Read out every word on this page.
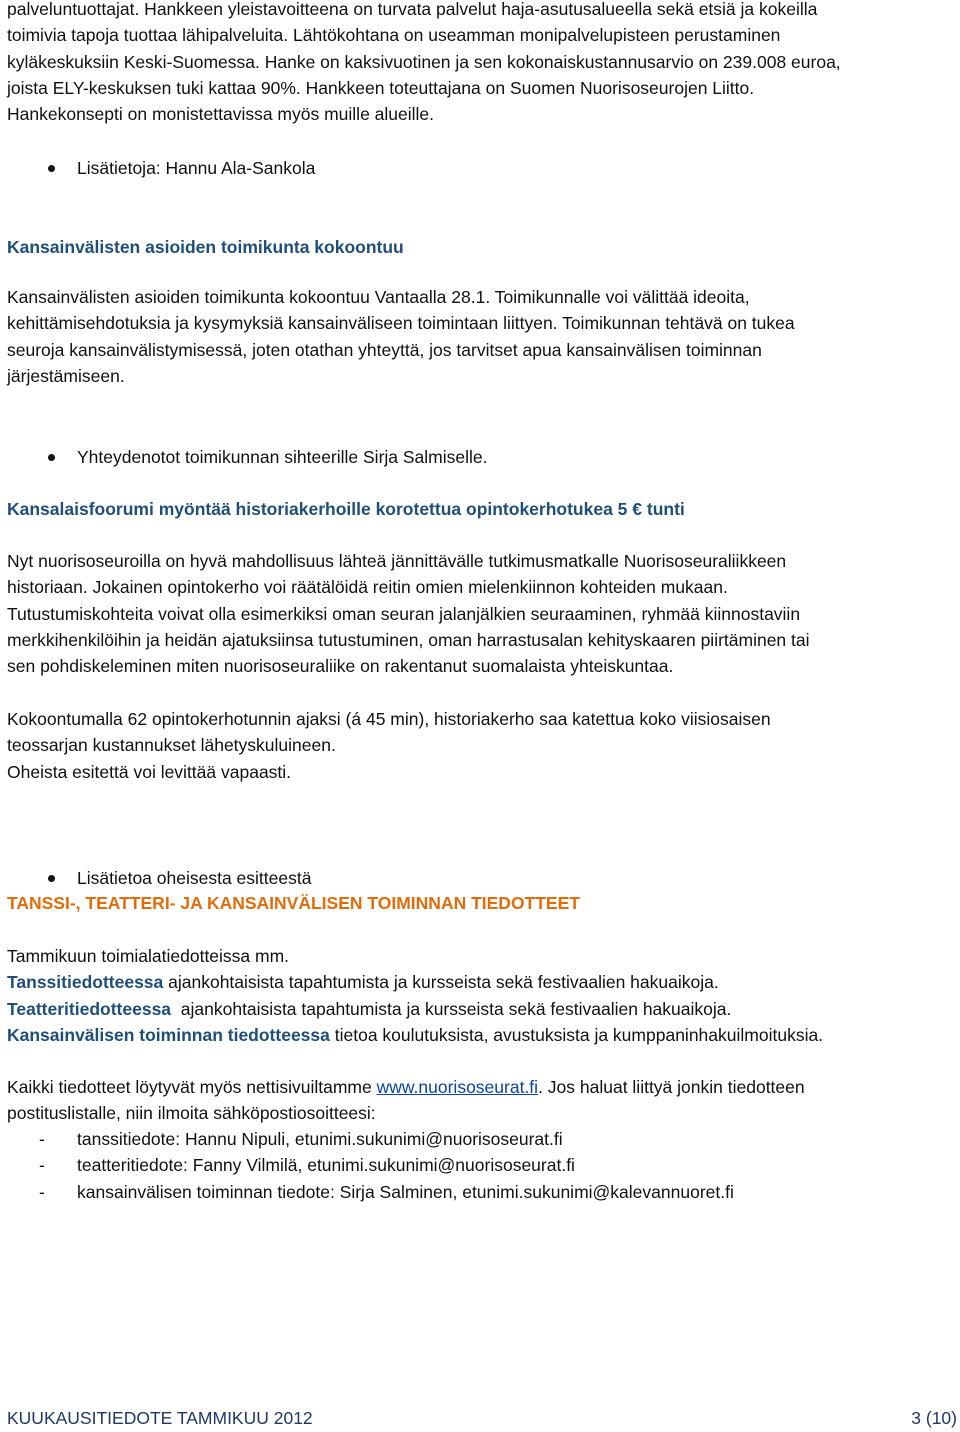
palveluntuottajat. Hankkeen yleistavoitteena on turvata palvelut haja-asutusalueella sekä etsiä ja kokeilla

toimivia tapoja tuottaa lähipalveluita. Lähtökohtana on useamman monipalvelupisteen perustaminen

kyläkeskuksiin Keski-Suomessa. Hanke on kaksivuotinen ja sen kokonaiskustannusarvio on 239.008 euroa,

joista ELY-keskuksen tuki kattaa 90%. Hankkeen toteuttajana on Suomen Nuorisoseurojen Liitto.

Hankekonsepti on monistettavissa myös muille alueille.

Lisätietoja: Hannu Ala-Sankola
Kansainvälisten asioiden toimikunta kokoontuu

Kansainvälisten asioiden toimikunta kokoontuu Vantaalla 28.1. Toimikunnalle voi välittää ideoita,

kehittämisehdotuksia ja kysymyksiä kansainväliseen toimintaan liittyen. Toimikunnan tehtävä on tukea

seuroja kansainvälistymisessä, joten otathan yhteyttä, jos tarvitset apua kansainvälisen toiminnan

järjestämiseen.

Yhteydenotot toimikunnan sihteerille Sirja Salmiselle.
Kansalaisfoorumi myöntää historiakerhoille korotettua opintokerhotukea 5 € tunti

Nyt nuorisoseuroilla on hyvä mahdollisuus lähteä jännittävälle tutkimusmatkalle Nuorisoseuraliikkeen

historiaan. Jokainen opintokerho voi räätälöidä reitin omien mielenkiinnon kohteiden mukaan.

Tutustumiskohteita voivat olla esimerkiksi oman seuran jalanjälkien seuraaminen, ryhmää kiinnostaviin

merkkihenkilöihin ja heidän ajatuksiinsa tutustuminen, oman harrastusalan kehityskaaren piirtäminen tai

sen pohdiskeleminen miten nuorisoseuraliike on rakentanut suomalaista yhteiskuntaa.

Kokoontumalla 62 opintokerhotunnin ajaksi (á 45 min), historiakerho saa katettua koko viisiosaisen

teossarjan kustannukset lähetyskuluineen.

Oheista esitettä voi levittää vapaasti.

Lisätietoa oheisesta esitteestä
TANSSI-, TEATTERI- JA KANSAINVÄLISEN TOIMINNAN TIEDOTTEET

Tammikuun toimialatiedotteissa mm.

Tanssitiedotteessa ajankohtaisista tapahtumista ja kursseista sekä festivaalien hakuaikoja.

Teatteritiedotteessa  ajankohtaisista tapahtumista ja kursseista sekä festivaalien hakuaikoja.

Kansainvälisen toiminnan tiedotteessa tietoa koulutuksista, avustuksista ja kumppaninhakuilmoituksia.

Kaikki tiedotteet löytyvät myös nettisivuiltamme www.nuorisoseurat.fi. Jos haluat liittyä jonkin tiedotteen

postituslistalle, niin ilmoita sähköpostiosoitteesi:

- tanssitiedote: Hannu Nipuli, etunimi.sukunimi@nuorisoseurat.fi
- teatteritiedote: Fanny Vilmilä, etunimi.sukunimi@nuorisoseurat.fi
- kansainvälisen toiminnan tiedote: Sirja Salminen, etunimi.sukunimi@kalevannuoret.fi
KUUKAUSITIEDOTE TAMMIKUU 2012	3 (10)
